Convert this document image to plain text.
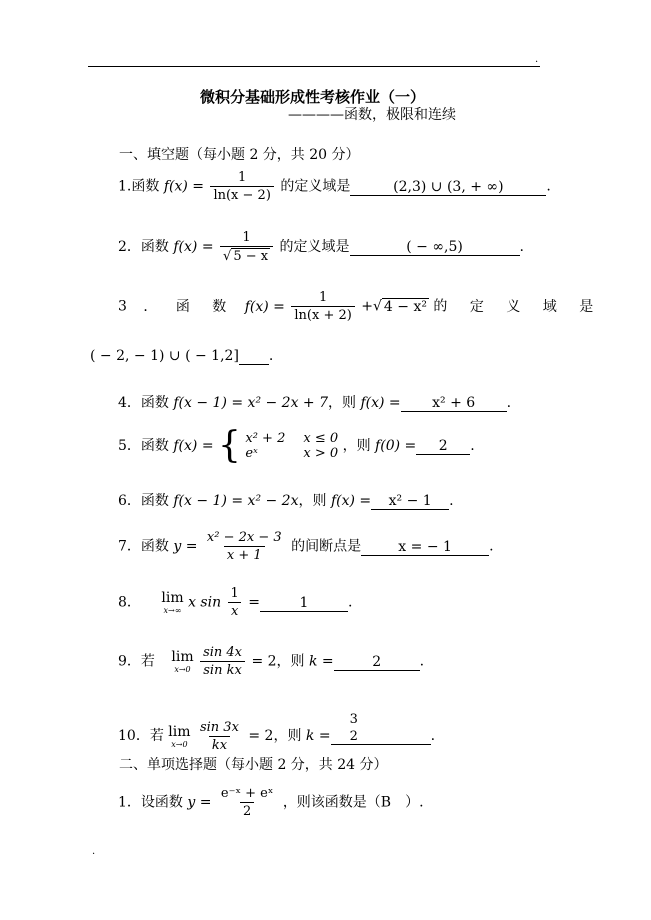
.
微积分基础形成性考核作业（一）
————函数，极限和连续
一、填空题（每小题 2 分，共 20 分）
1.函数 $f(x) = \frac{1}{\ln(x - 2)}$ 的定义域是	(2,3) ∪ (3, + ∞)	.
2．函数 $f(x) = \frac{1}{√ 5 - x}$ 的定义域是	( − ∞,5)	.
3 ． 函 数 $f(x) = \frac{1}{\ln(x + 2)}$ +√ 4 − x² 的 定 义 域 是
( − 2, − 1) ∪ ( − 1,2] .
4．函数 f(x − 1) = x² − 2x + 7，则 f(x) = x² + 6 .
5．函数 f(x) = { x² + 2 x ≤ 0
eˣ	x > 0 ，则 f(0) = 2 .
6．函数 f(x − 1) = x² − 2x，则 f(x) = x² − 1 .
7．函数 $y = \frac{\text{x² − 2x − 3}}{x + 1}$ 的间断点是	x = − 1	.
8． lim
x→∞ x $\sin \frac{1}{x}$ =	1	.
9．若 lim
x→0
$\frac{\sin 4x}{\text{sin kx}} = 2$，则 k =	2	.
10．若 lim
x→0
$\frac{\sin 3x}{kx} = 2$，则 k =
3
2	.
二、单项选择题（每小题 2 分，共 24 分）
1．设函数 $y = \frac{\text{e⁻ˣ + eˣ}}{2}$ ，则该函数是（B　）.
.
